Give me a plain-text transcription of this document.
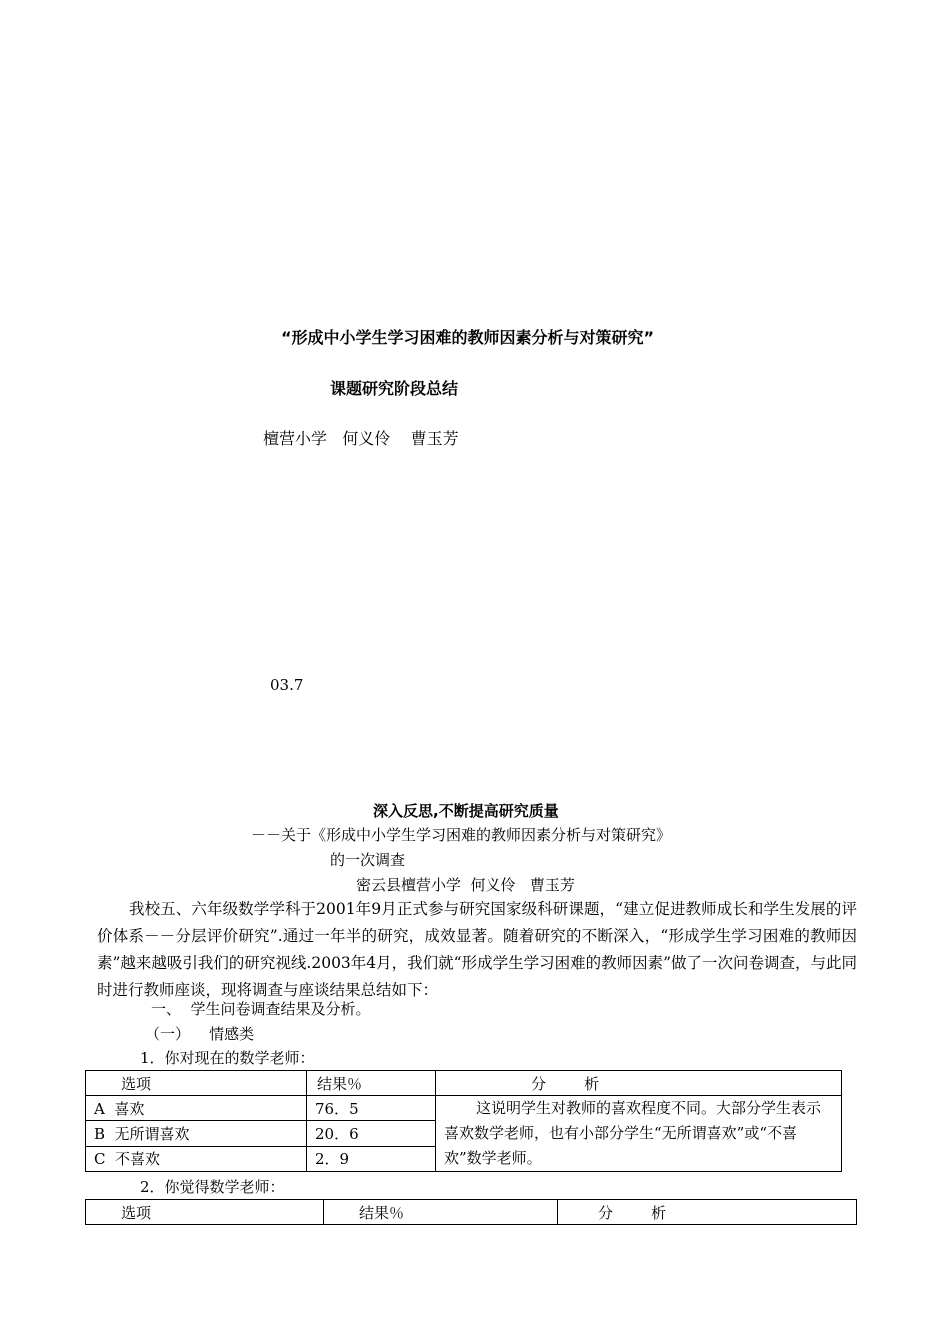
“形成中小学生学习困难的教师因素分析与对策研究”
课题研究阶段总结
檀营小学   何义伶    曹玉芳
03.7
深入反思,不断提高研究质量
－－关于《形成中小学生学习困难的教师因素分析与对策研究》
的一次调查
密云县檀营小学  何义伶   曹玉芳
我校五、六年级数学学科于2001年9月正式参与研究国家级科研课题，“建立促进教师成长和学生发展的评价体系－－分层评价研究”.通过一年半的研究，成效显著。随着研究的不断深入，“形成学生学习困难的教师因素”越来越吸引我们的研究视线.2003年4月，我们就“形成学生学习困难的教师因素”做了一次问卷调查，与此同时进行教师座谈，现将调查与座谈结果总结如下：
一、  学生问卷调查结果及分析。
（一）    情感类
1．你对现在的数学老师：
选项	结果％	分        析
A  喜欢	76．5	这说明学生对教师的喜欢程度不同。大部分学生表示喜欢数学老师，也有小部分学生“无所谓喜欢”或“不喜欢”数学老师。
B  无所谓喜欢	20．6	
C  不喜欢	2．9	
2．你觉得数学老师：
选项	结果％	分        析
